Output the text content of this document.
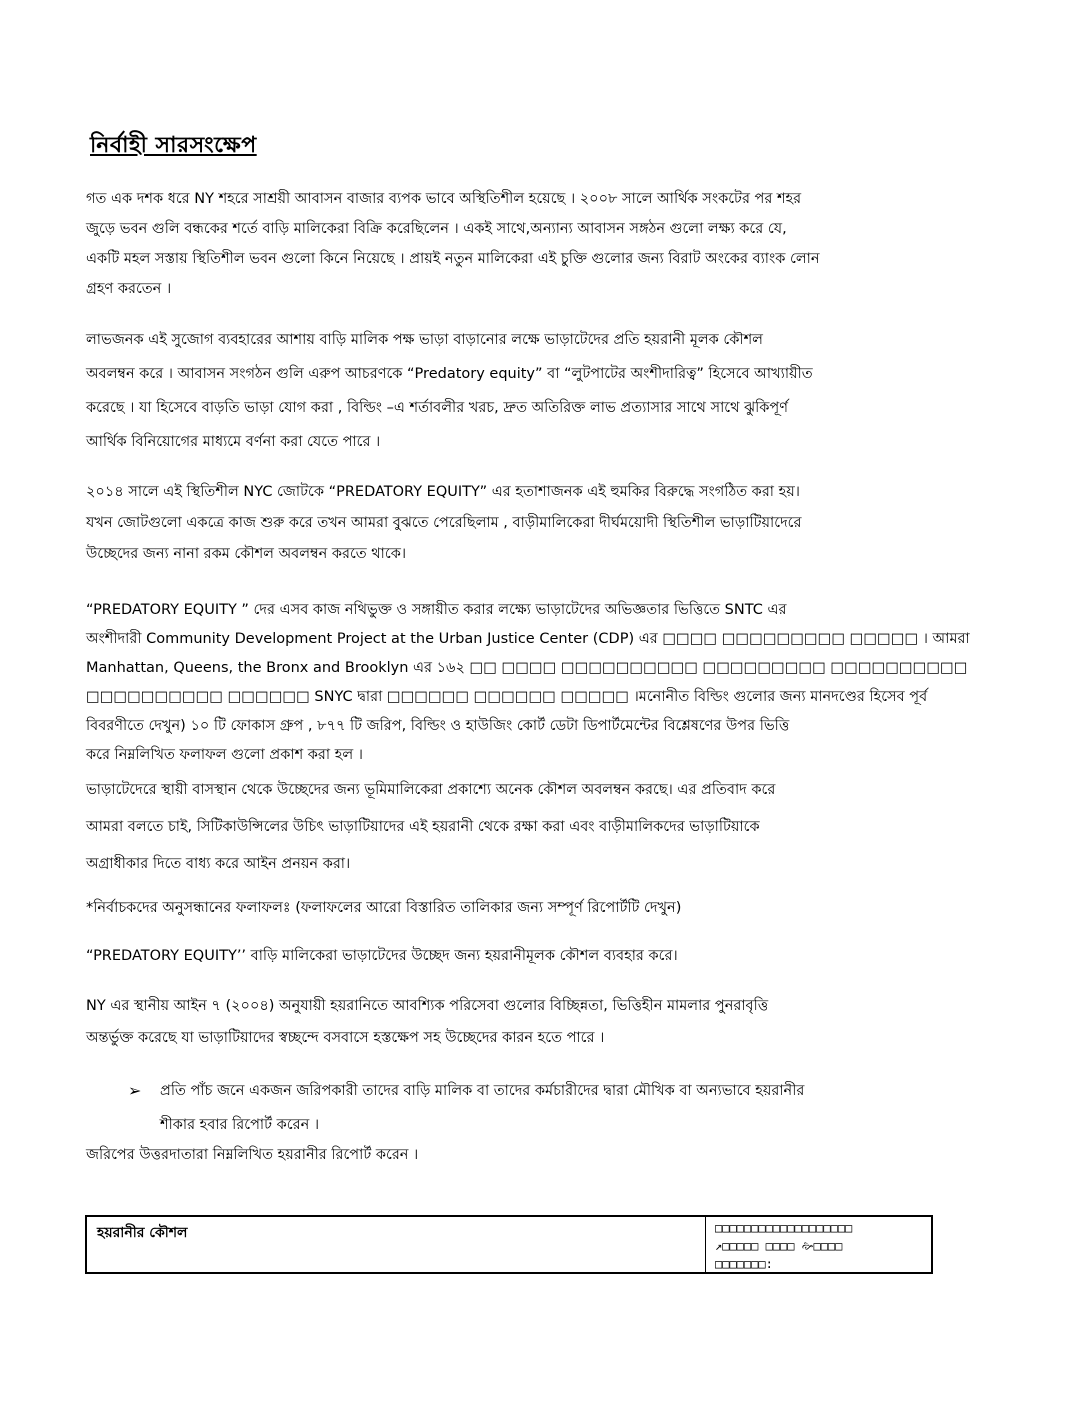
নির্বাহী সারসংক্ষেপ
গত এক দশক ধরে NY শহরে সাশ্রয়ী আবাসন বাজার ব্যপক ভাবে অস্থিতিশীল হয়েছে । ২০০৮ সালে আর্থিক সংকটের পর শহর
জুড়ে ভবন গুলি বন্ধকের শর্তে বাড়ি মালিকেরা বিক্রি করেছিলেন । একই সাথে,অন্যান্য আবাসন সঙ্গঠন গুলো লক্ষ্য করে যে,
একটি মহল সস্তায় স্থিতিশীল ভবন গুলো কিনে নিয়েছে । প্রায়ই নতুন মালিকেরা এই চুক্তি গুলোর জন্য বিরাট অংকের ব্যাংক লোন
গ্রহণ করতেন ।
লাভজনক এই সুজোগ ব্যবহারের আশায় বাড়ি মালিক পক্ষ ভাড়া বাড়ানোর লক্ষে ভাড়াটেদের প্রতি হয়রানী মূলক কৌশল
অবলম্বন করে । আবাসন সংগঠন গুলি এরুপ আচরণকে “Predatory equity” বা “লুটপাটের অংশীদারিত্ব” হিসেবে আখ্যায়ীত
করেছে । যা হিসেবে বাড়তি ভাড়া যোগ করা , বিল্ডিং –এ শর্তাবলীর খরচ, দ্রুত অতিরিক্ত লাভ প্রত্যাসার সাথে সাথে ঝুকিপূর্ণ
আর্থিক বিনিয়োগের মাধ্যমে বর্ণনা করা যেতে পারে ।
২০১৪ সালে এই স্থিতিশীল NYC জোটকে “PREDATORY EQUITY” এর হতাশাজনক এই হুমকির বিরুদ্ধে সংগঠিত করা হয়।
যখন জোটগুলো একত্রে কাজ শুরু করে তখন আমরা বুঝতে পেরেছিলাম , বাড়ীমালিকেরা দীর্ঘময়োদী স্থিতিশীল ভাড়াটিয়াদেরে
উচ্ছেদের জন্য নানা রকম কৌশল অবলম্বন করতে থাকে।
“PREDATORY EQUITY ” দের এসব কাজ নথিভুক্ত ও সঙ্গায়ীত করার লক্ষ্যে ভাড়াটেদের অভিজ্ঞতার ভিত্তিতে SNTC এর
অংশীদারী Community Development Project at the Urban Justice Center (CDP) এর □□□□ □□□□□□□□□ □□□□□ । আমরা
Manhattan, Queens, the Bronx and Brooklyn এর ১৬২ □□ □□□□ □□□□□□□□□□ □□□□□□□□□ □□□□□□□□□□
□□□□□□□□□□ □□□□□□ SNYC দ্বারা □□□□□□ □□□□□□ □□□□□ ।মনোনীত বিল্ডিং গুলোর জন্য মানদণ্ডের হিসেব পূর্ব
বিবরণীতে দেখুন) ১০ টি ফোকাস গ্রুপ , ৮৭৭ টি জরিপ, বিল্ডিং ও হাউজিং কোর্ট ডেটা ডিপার্টমেন্টের বিশ্লেষণের উপর ভিত্তি
করে নিম্নলিখিত ফলাফল গুলো প্রকাশ করা হল ।
ভাড়াটেদেরে স্থায়ী বাসস্থান থেকে উচ্ছেদের জন্য ভূমিমালিকেরা প্রকাশ্যে অনেক কৌশল অবলম্বন করছে। এর প্রতিবাদ করে
আমরা বলতে চাই, সিটিকাউন্সিলের উচিৎ ভাড়াটিয়াদের এই হয়রানী থেকে রক্ষা করা এবং বাড়ীমালিকদের ভাড়াটিয়াকে
অগ্রাধীকার দিতে বাধ্য করে আইন প্রনয়ন করা।
*নির্বাচকদের অনুসন্ধানের ফলাফলঃ (ফলাফলের আরো বিস্তারিত তালিকার জন্য সম্পূর্ণ রিপোর্টটি দেখুন)
“PREDATORY EQUITY’’ বাড়ি মালিকেরা ভাড়াটেদের উচ্ছেদ জন্য হয়রানীমূলক কৌশল ব্যবহার করে।
NY এর স্থানীয় আইন ৭ (২০০৪) অনুযায়ী হয়রানিতে আবশ্যিক পরিসেবা গুলোর বিচ্ছিন্নতা, ভিত্তিহীন মামলার পুনরাবৃত্তি
অন্তর্ভুক্ত করেছে যা ভাড়াটিয়াদের স্বচ্ছন্দে বসবাসে হস্তক্ষেপ সহ উচ্ছেদের কারন হতে পারে ।
➢ প্রতি পাঁচ জনে একজন জরিপকারী তাদের বাড়ি মালিক বা তাদের কর্মচারীদের দ্বারা মৌখিক বা অন্যভাবে হয়রানীর
শীকার হবার রিপোর্ট করেন ।
জরিপের উত্তরদাতারা নিম্নলিখিত হয়রানীর রিপোর্ট করেন ।
হয়রানীর কৌশল	□□□□□□□□□□□□□□□□□□□
↗□□□□□ □□□□ 🙚□□□□
□□□□□□□:
